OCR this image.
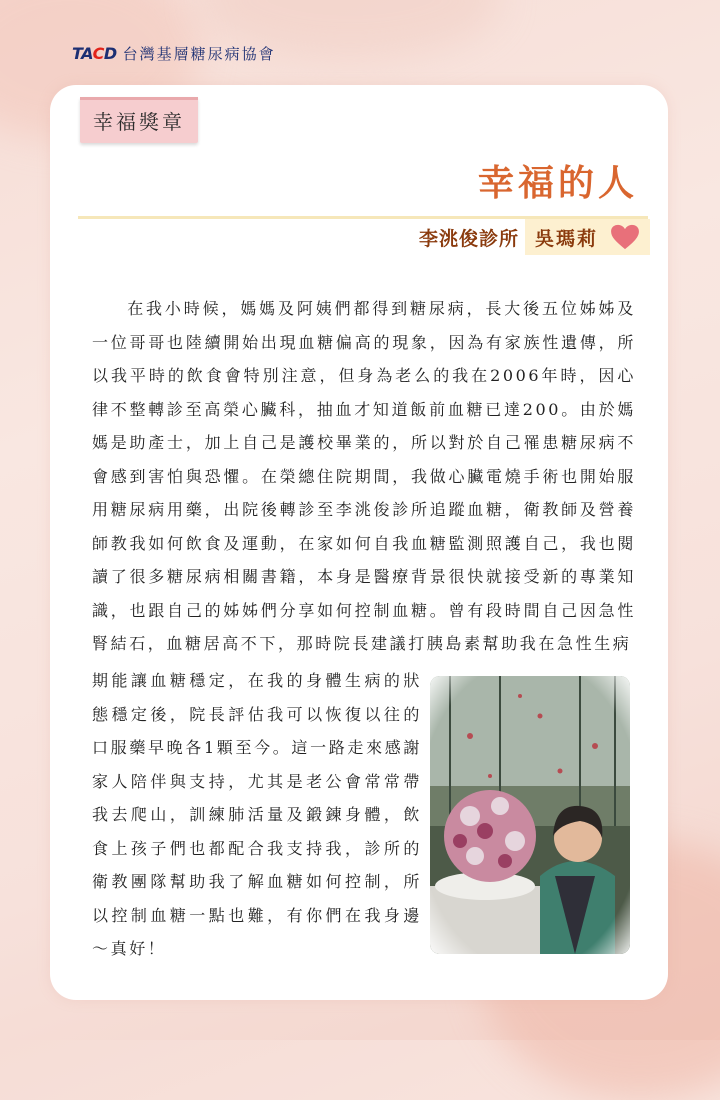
TACD 台灣基層糖尿病協會
幸福獎章
幸福的人
李洮俊診所 吳瑪莉

在我小時候，媽媽及阿姨們都得到糖尿病，長大後五位姊姊及一位哥哥也陸續開始出現血糖偏高的現象，因為有家族性遺傳，所以我平時的飲食會特別注意，但身為老么的我在2006年時，因心律不整轉診至高榮心臟科，抽血才知道飯前血糖已達200。由於媽媽是助產士，加上自己是護校畢業的，所以對於自己罹患糖尿病不會感到害怕與恐懼。在榮總住院期間，我做心臟電燒手術也開始服用糖尿病用藥，出院後轉診至李洮俊診所追蹤血糖，衛教師及營養師教我如何飲食及運動，在家如何自我血糖監測照護自己，我也閱讀了很多糖尿病相關書籍，本身是醫療背景很快就接受新的專業知識，也跟自己的姊姊們分享如何控制血糖。曾有段時間自己因急性腎結石，血糖居高不下，那時院長建議打胰島素幫助我在急性生病

期能讓血糖穩定，在我的身體生病的狀態穩定後，院長評估我可以恢復以往的口服藥早晚各1顆至今。這一路走來感謝家人陪伴與支持，尤其是老公會常常帶我去爬山，訓練肺活量及鍛鍊身體，飲食上孩子們也都配合我支持我，診所的衛教團隊幫助我了解血糖如何控制，所以控制血糖一點也難，有你們在我身邊～真好！
